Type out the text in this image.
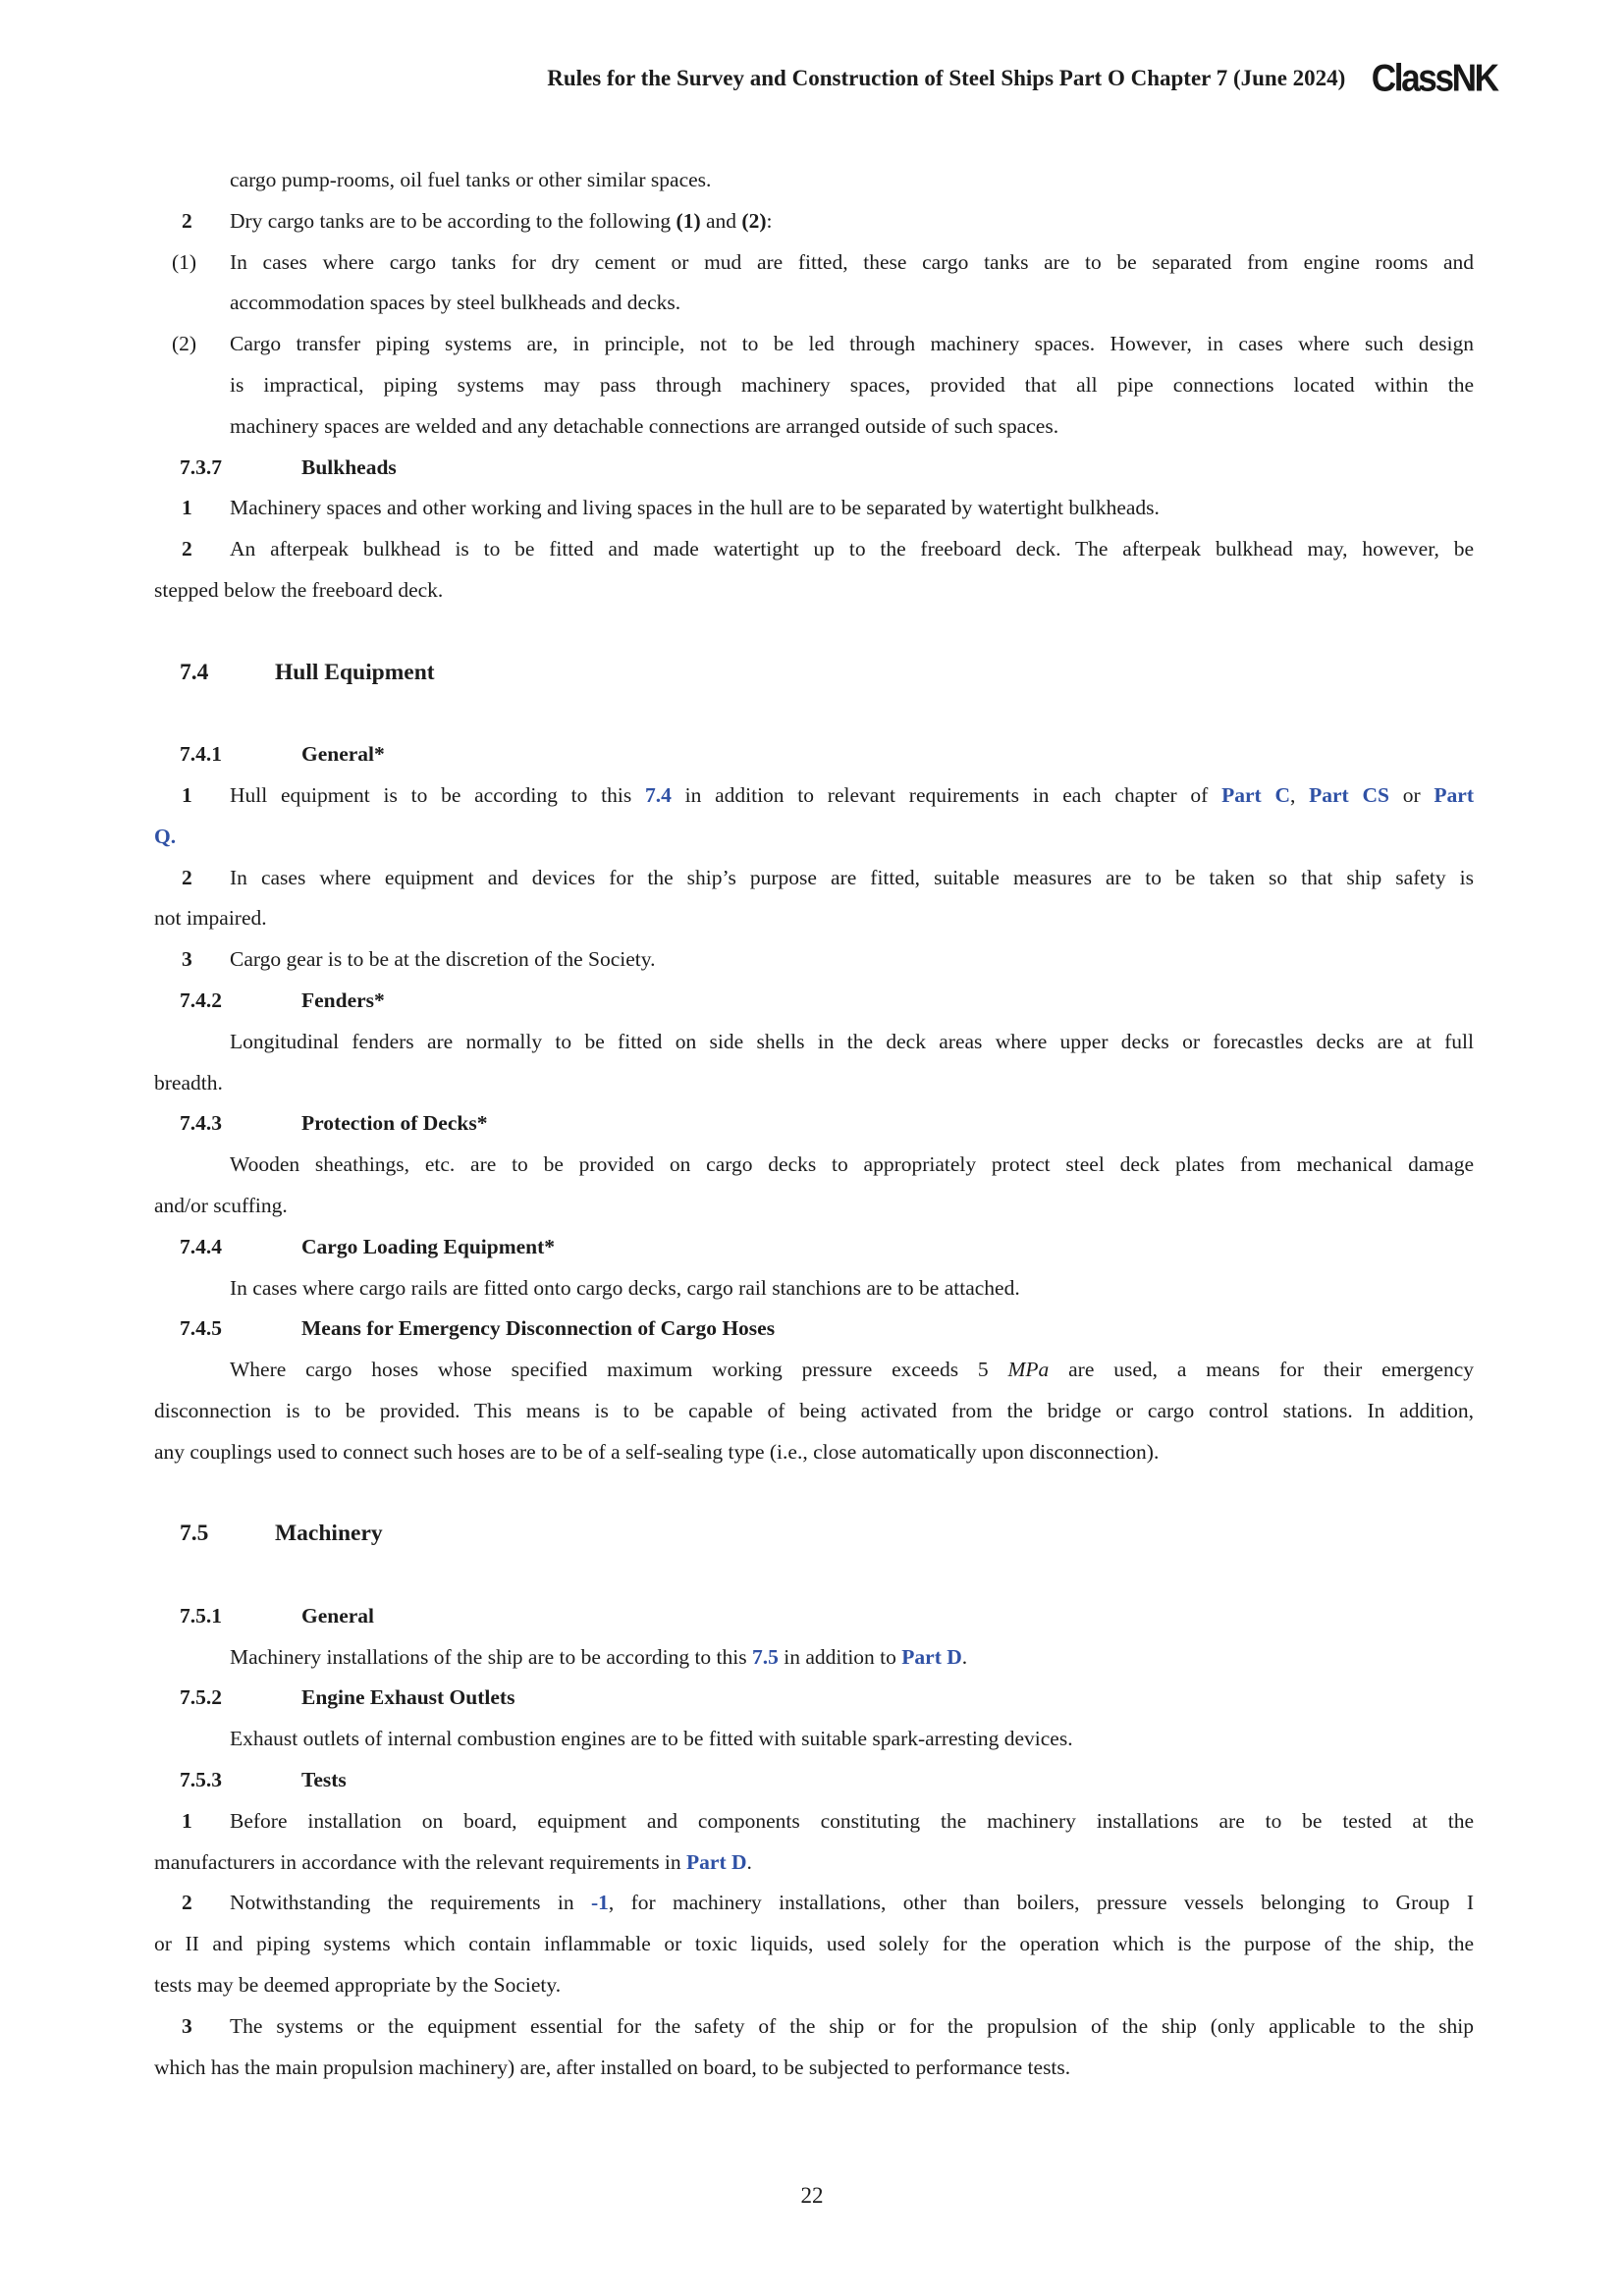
Rules for the Survey and Construction of Steel Ships Part O Chapter 7 (June 2024) ClassNK
cargo pump-rooms, oil fuel tanks or other similar spaces.
2 Dry cargo tanks are to be according to the following (1) and (2):
(1) In cases where cargo tanks for dry cement or mud are fitted, these cargo tanks are to be separated from engine rooms and
accommodation spaces by steel bulkheads and decks.
(2) Cargo transfer piping systems are, in principle, not to be led through machinery spaces. However, in cases where such design
is impractical, piping systems may pass through machinery spaces, provided that all pipe connections located within the
machinery spaces are welded and any detachable connections are arranged outside of such spaces.
7.3.7	Bulkheads
1 Machinery spaces and other working and living spaces in the hull are to be separated by watertight bulkheads.
2 An afterpeak bulkhead is to be fitted and made watertight up to the freeboard deck. The afterpeak bulkhead may, however, be
stepped below the freeboard deck.
7.4	Hull Equipment
7.4.1	General*
1 Hull equipment is to be according to this 7.4 in addition to relevant requirements in each chapter of Part C, Part CS or Part
Q.
2 In cases where equipment and devices for the ship’s purpose are fitted, suitable measures are to be taken so that ship safety is
not impaired.
3 Cargo gear is to be at the discretion of the Society.
7.4.2	Fenders*
Longitudinal fenders are normally to be fitted on side shells in the deck areas where upper decks or forecastles decks are at full
breadth.
7.4.3	Protection of Decks*
Wooden sheathings, etc. are to be provided on cargo decks to appropriately protect steel deck plates from mechanical damage
and/or scuffing.
7.4.4	Cargo Loading Equipment*
In cases where cargo rails are fitted onto cargo decks, cargo rail stanchions are to be attached.
7.4.5	Means for Emergency Disconnection of Cargo Hoses
Where cargo hoses whose specified maximum working pressure exceeds 5 MPa are used, a means for their emergency
disconnection is to be provided. This means is to be capable of being activated from the bridge or cargo control stations. In addition,
any couplings used to connect such hoses are to be of a self-sealing type (i.e., close automatically upon disconnection).
7.5	Machinery
7.5.1	General
Machinery installations of the ship are to be according to this 7.5 in addition to Part D.
7.5.2	Engine Exhaust Outlets
Exhaust outlets of internal combustion engines are to be fitted with suitable spark-arresting devices.
7.5.3	Tests
1 Before installation on board, equipment and components constituting the machinery installations are to be tested at the
manufacturers in accordance with the relevant requirements in Part D.
2 Notwithstanding the requirements in -1, for machinery installations, other than boilers, pressure vessels belonging to Group I
or II and piping systems which contain inflammable or toxic liquids, used solely for the operation which is the purpose of the ship, the
tests may be deemed appropriate by the Society.
3 The systems or the equipment essential for the safety of the ship or for the propulsion of the ship (only applicable to the ship
which has the main propulsion machinery) are, after installed on board, to be subjected to performance tests.
22
